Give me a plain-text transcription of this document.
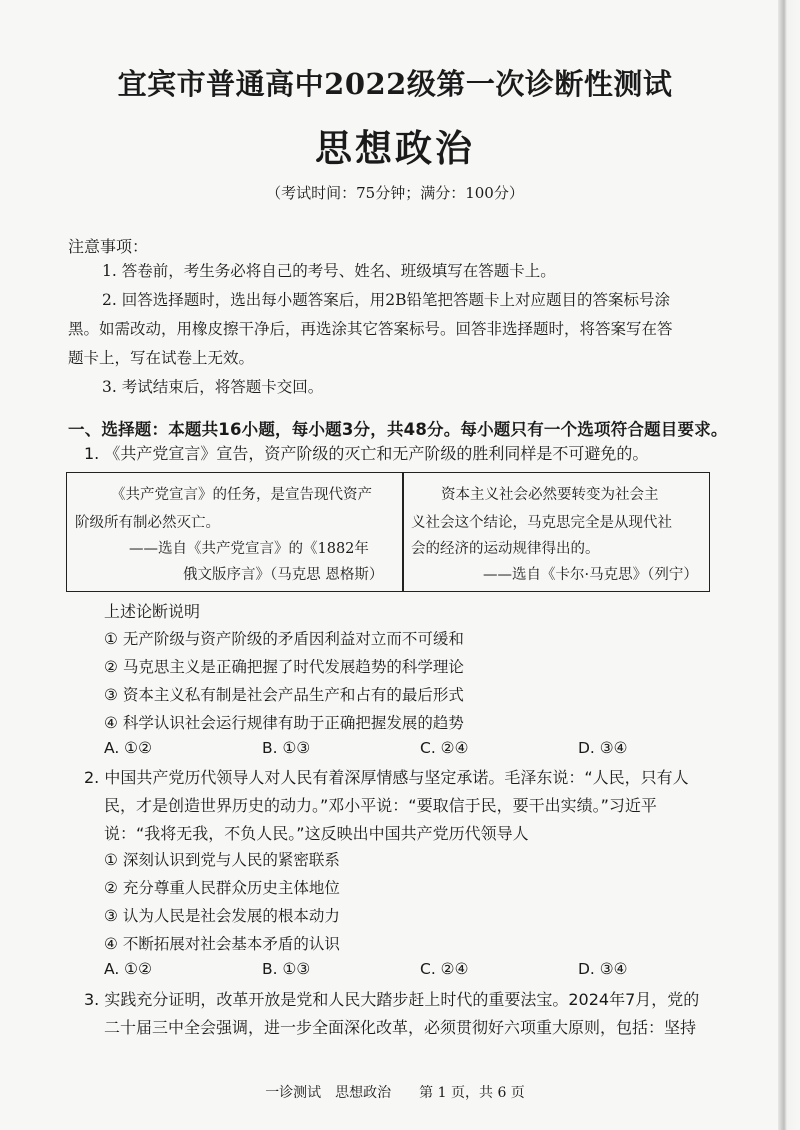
宜宾市普通高中2022级第一次诊断性测试
思想政治
（考试时间：75分钟；满分：100分）
注意事项：
1. 答卷前，考生务必将自己的考号、姓名、班级填写在答题卡上。
2. 回答选择题时，选出每小题答案后，用2B铅笔把答题卡上对应题目的答案标号涂
黑。如需改动，用橡皮擦干净后，再选涂其它答案标号。回答非选择题时，将答案写在答
题卡上，写在试卷上无效。
3. 考试结束后，将答题卡交回。
一、选择题：本题共16小题，每小题3分，共48分。每小题只有一个选项符合题目要求。
1. 《共产党宣言》宣告，资产阶级的灭亡和无产阶级的胜利同样是不可避免的。
《共产党宣言》的任务，是宣告现代资产
阶级所有制必然灭亡。
——选自《共产党宣言》的《1882年
俄文版序言》（马克思 恩格斯）
资本主义社会必然要转变为社会主
义社会这个结论，马克思完全是从现代社
会的经济的运动规律得出的。
——选自《卡尔·马克思》（列宁）
上述论断说明
① 无产阶级与资产阶级的矛盾因利益对立而不可缓和
② 马克思主义是正确把握了时代发展趋势的科学理论
③ 资本主义私有制是社会产品生产和占有的最后形式
④ 科学认识社会运行规律有助于正确把握发展的趋势
A. ①②	B. ①③	C. ②④	D. ③④
2. 中国共产党历代领导人对人民有着深厚情感与坚定承诺。毛泽东说：“人民，只有人
民，才是创造世界历史的动力。”邓小平说：“要取信于民，要干出实绩。”习近平
说：“我将无我，不负人民。”这反映出中国共产党历代领导人
① 深刻认识到党与人民的紧密联系
② 充分尊重人民群众历史主体地位
③ 认为人民是社会发展的根本动力
④ 不断拓展对社会基本矛盾的认识
A. ①②	B. ①③	C. ②④	D. ③④
3. 实践充分证明，改革开放是党和人民大踏步赶上时代的重要法宝。2024年7月，党的
二十届三中全会强调，进一步全面深化改革，必须贯彻好六项重大原则，包括：坚持
一诊测试　思想政治　　第 1 页，共 6 页
